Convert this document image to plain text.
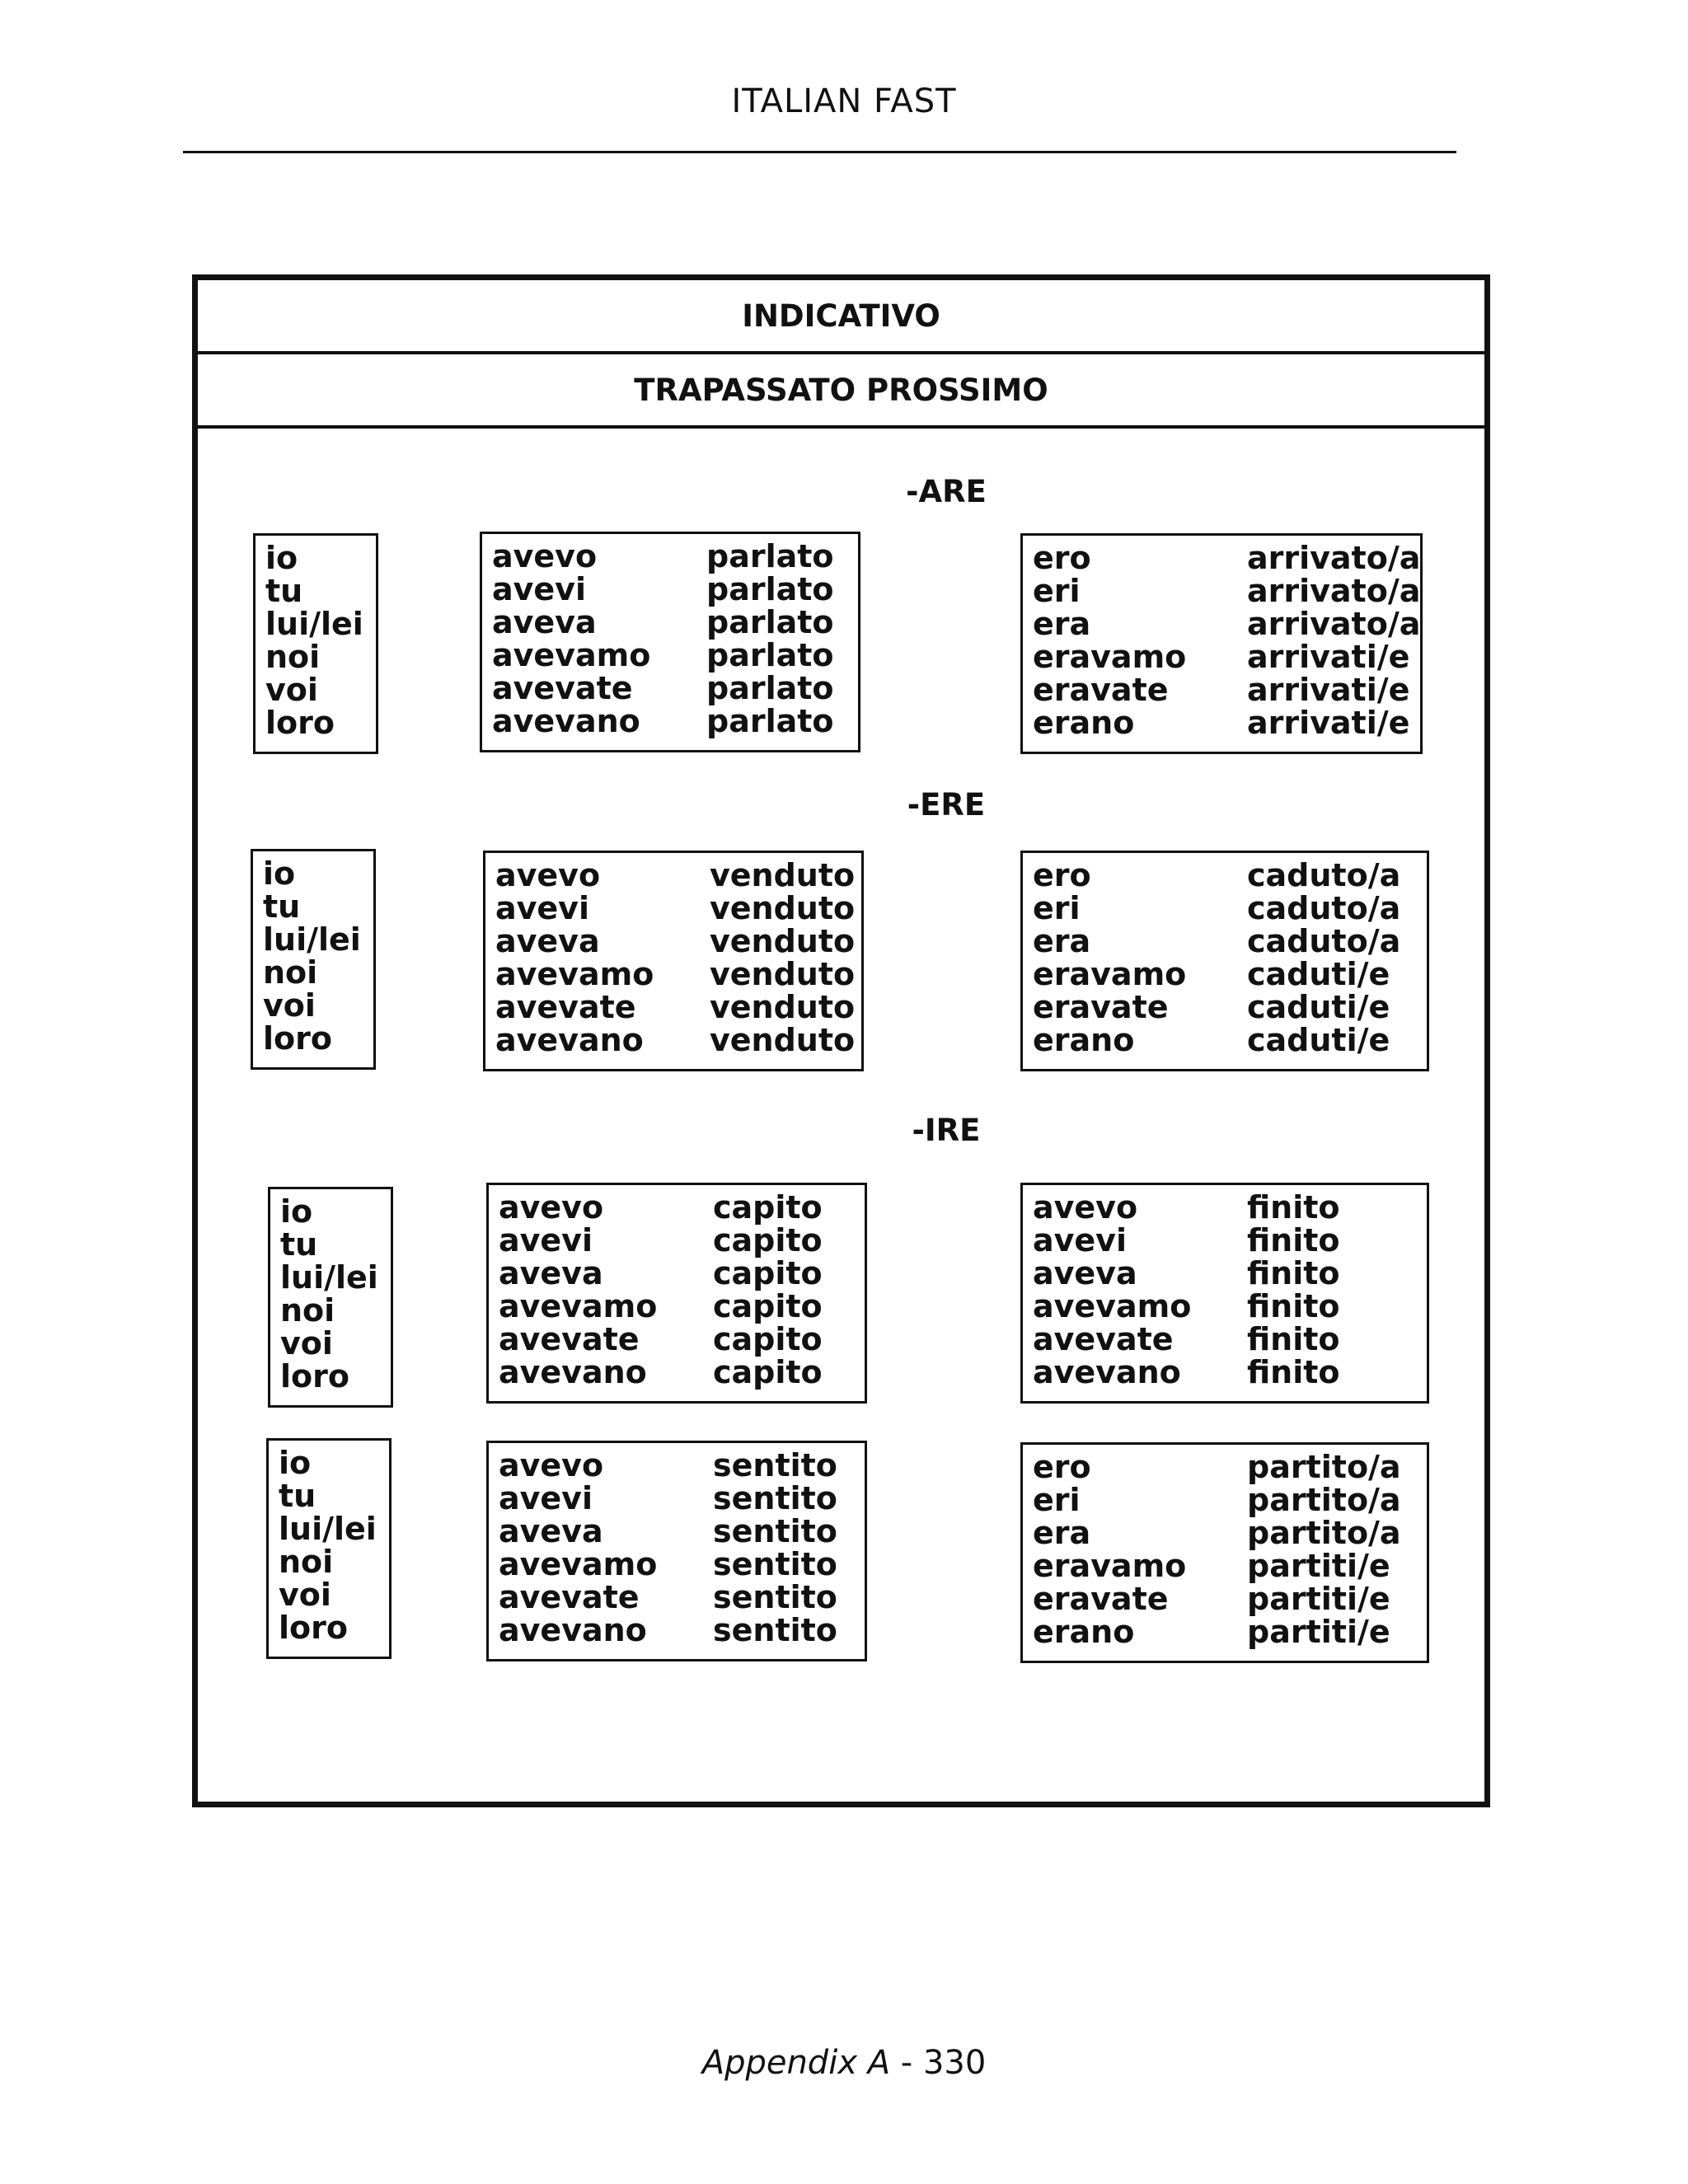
ITALIAN FAST
INDICATIVO
TRAPASSATO PROSSIMO
-ARE
-ERE
-IRE
io
tu
lui/lei
noi
voi
loro
avevo	parlato
avevi	parlato
aveva	parlato
avevamo parlato
avevate parlato
avevano parlato
ero	arrivato/a
eri	arrivato/a
era	arrivato/a
eravamo arrivati/e
eravate	arrivati/e
erano	arrivati/e
io
tu
lui/lei
noi
voi
loro
avevo	venduto
avevi	venduto
aveva	venduto
avevamo venduto
avevate venduto
avevano venduto
ero	caduto/a
eri	caduto/a
era	caduto/a
eravamo caduti/e
eravate	caduti/e
erano	caduti/e
io
tu
lui/lei
noi
voi
loro
avevo	capito
avevi	capito
aveva	capito
avevamo capito
avevate capito
avevano capito
avevo	finito
avevi	finito
aveva	finito
avevamo finito
avevate finito
avevano finito
io
tu
lui/lei
noi
voi
loro
avevo	sentito
avevi	sentito
aveva	sentito
avevamo sentito
avevate sentito
avevano sentito
ero	partito/a
eri	partito/a
era	partito/a
eravamo partiti/e
eravate	partiti/e
erano	partiti/e
Appendix A - 330
